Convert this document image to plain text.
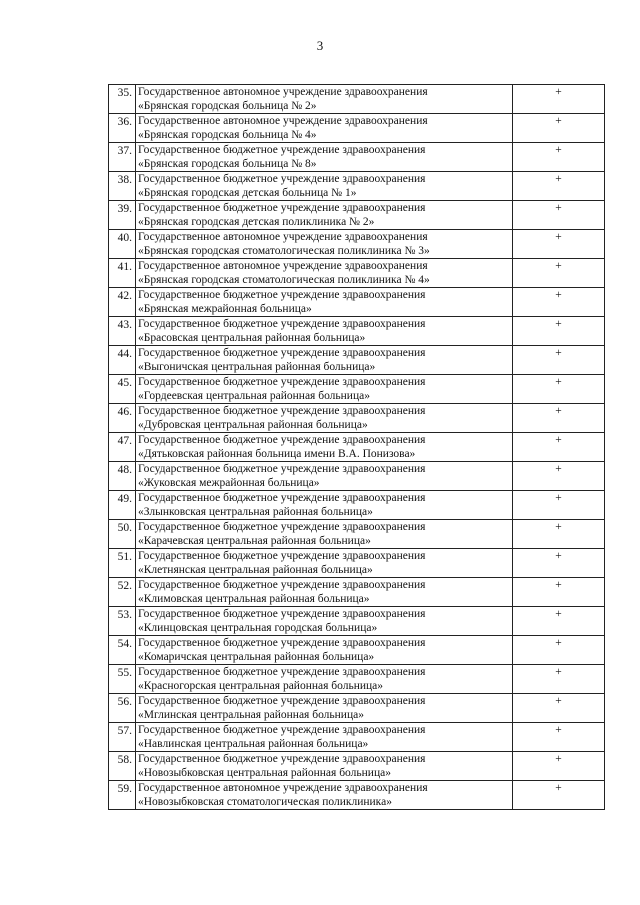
3
35.	Государственное автономное учреждение здравоохранения
«Брянская городская больница № 2»	+
36.	Государственное автономное учреждение здравоохранения
«Брянская городская больница № 4»	+
37.	Государственное бюджетное учреждение здравоохранения
«Брянская городская больница № 8»	+
38.	Государственное бюджетное учреждение здравоохранения
«Брянская городская детская больница № 1»	+
39.	Государственное бюджетное учреждение здравоохранения
«Брянская городская детская поликлиника № 2»	+
40.	Государственное автономное учреждение здравоохранения
«Брянская городская стоматологическая поликлиника № 3»	+
41.	Государственное автономное учреждение здравоохранения
«Брянская городская стоматологическая поликлиника № 4»	+
42.	Государственное бюджетное учреждение здравоохранения
«Брянская межрайонная больница»	+
43.	Государственное бюджетное учреждение здравоохранения
«Брасовская центральная районная больница»	+
44.	Государственное бюджетное учреждение здравоохранения
«Выгоничская центральная районная больница»	+
45.	Государственное бюджетное учреждение здравоохранения
«Гордеевская центральная районная больница»	+
46.	Государственное бюджетное учреждение здравоохранения
«Дубровская центральная районная больница»	+
47.	Государственное бюджетное учреждение здравоохранения
«Дятьковская районная больница имени В.А. Понизова»	+
48.	Государственное бюджетное учреждение здравоохранения
«Жуковская межрайонная больница»	+
49.	Государственное бюджетное учреждение здравоохранения
«Злынковская центральная районная больница»	+
50.	Государственное бюджетное учреждение здравоохранения
«Карачевская центральная районная больница»	+
51.	Государственное бюджетное учреждение здравоохранения
«Клетнянская центральная районная больница»	+
52.	Государственное бюджетное учреждение здравоохранения
«Климовская центральная районная больница»	+
53.	Государственное бюджетное учреждение здравоохранения
«Клинцовская центральная городская больница»	+
54.	Государственное бюджетное учреждение здравоохранения
«Комаричская центральная районная больница»	+
55.	Государственное бюджетное учреждение здравоохранения
«Красногорская центральная районная больница»	+
56.	Государственное бюджетное учреждение здравоохранения
«Мглинская центральная районная больница»	+
57.	Государственное бюджетное учреждение здравоохранения
«Навлинская центральная районная больница»	+
58.	Государственное бюджетное учреждение здравоохранения
«Новозыбковская центральная районная больница»	+
59.	Государственное автономное учреждение здравоохранения
«Новозыбковская стоматологическая поликлиника»	+
